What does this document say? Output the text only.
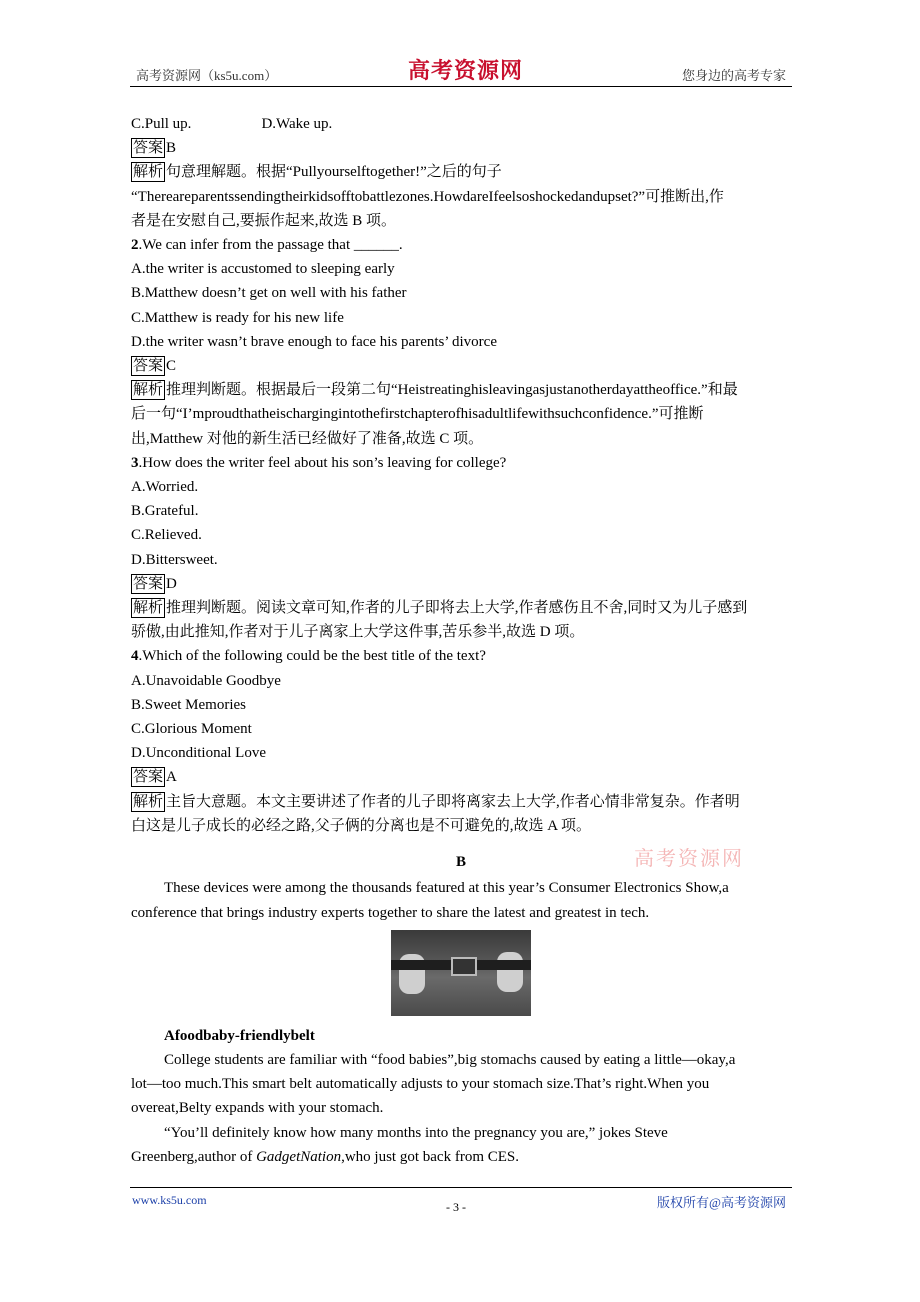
高考资源网（ks5u.com）	高考资源网	您身边的高考专家
C.Pull up.	D.Wake up.
答案 B
解析 句意理解题。根据“Pullyourselftogether!”之后的句子
“Thereareparentssendingtheirkidsofftobattlezones.HowdareIfeelsoshockedandupset?”可推断出,作
者是在安慰自己,要振作起来,故选 B 项。
2.We can infer from the passage that ______.
A.the writer is accustomed to sleeping early
B.Matthew doesn’t get on well with his father
C.Matthew is ready for his new life
D.the writer wasn’t brave enough to face his parents’ divorce
答案 C
解析 推理判断题。根据最后一段第二句“Heistreatinghisleavingasjustanotherdayattheoffice.”和最
后一句“I’mproudthatheischargingintothefirstchapterofhisadultlifewithsuchconfidence.”可推断
出,Matthew 对他的新生活已经做好了准备,故选 C 项。
3.How does the writer feel about his son’s leaving for college?
A.Worried.
B.Grateful.
C.Relieved.
D.Bittersweet.
答案 D
解析 推理判断题。阅读文章可知,作者的儿子即将去上大学,作者感伤且不舍,同时又为儿子感到
骄傲,由此推知,作者对于儿子离家上大学这件事,苦乐参半,故选 D 项。
4.Which of the following could be the best title of the text?
A.Unavoidable Goodbye
B.Sweet Memories
C.Glorious Moment
D.Unconditional Love
答案 A
解析 主旨大意题。本文主要讲述了作者的儿子即将离家去上大学,作者心情非常复杂。作者明
白这是儿子成长的必经之路,父子俩的分离也是不可避免的,故选 A 项。
B
These devices were among the thousands featured at this year’s Consumer Electronics Show,a
conference that brings industry experts together to share the latest and greatest in tech.
Afoodbaby-friendlybelt
College students are familiar with “food babies”,big stomachs caused by eating a little—okay,a
lot—too much.This smart belt automatically adjusts to your stomach size.That’s right.When you
overeat,Belty expands with your stomach.
“You’ll definitely know how many months into the pregnancy you are,” jokes Steve
Greenberg,author of GadgetNation,who just got back from CES.
高考资源网
www.ks5u.com	- 3 -	版权所有@高考资源网
